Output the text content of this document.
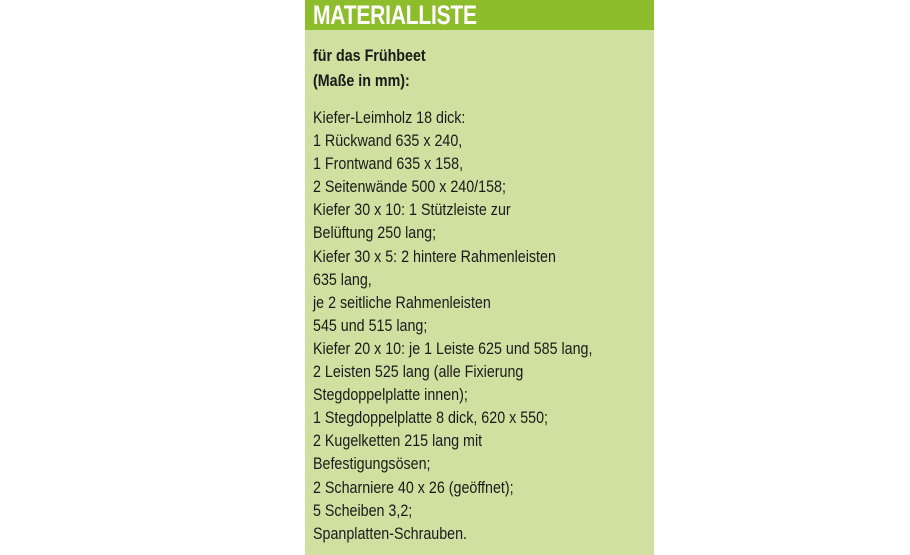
MATERIALLISTE
für das Frühbeet
(Maße in mm):
Kiefer-Leimholz 18 dick:
1 Rückwand 635 x 240,
1 Frontwand 635 x 158,
2 Seitenwände 500 x 240/158;
Kiefer 30 x 10: 1 Stützleiste zur
Belüftung 250 lang;
Kiefer 30 x 5: 2 hintere Rahmenleisten
635 lang,
je 2 seitliche Rahmenleisten
545 und 515 lang;
Kiefer 20 x 10: je 1 Leiste 625 und 585 lang,
2 Leisten 525 lang (alle Fixierung
Stegdoppelplatte innen);
1 Stegdoppelplatte 8 dick, 620 x 550;
2 Kugelketten 215 lang mit
Befestigungsösen;
2 Scharniere 40 x 26 (geöffnet);
5 Scheiben 3,2;
Spanplatten-Schrauben.
